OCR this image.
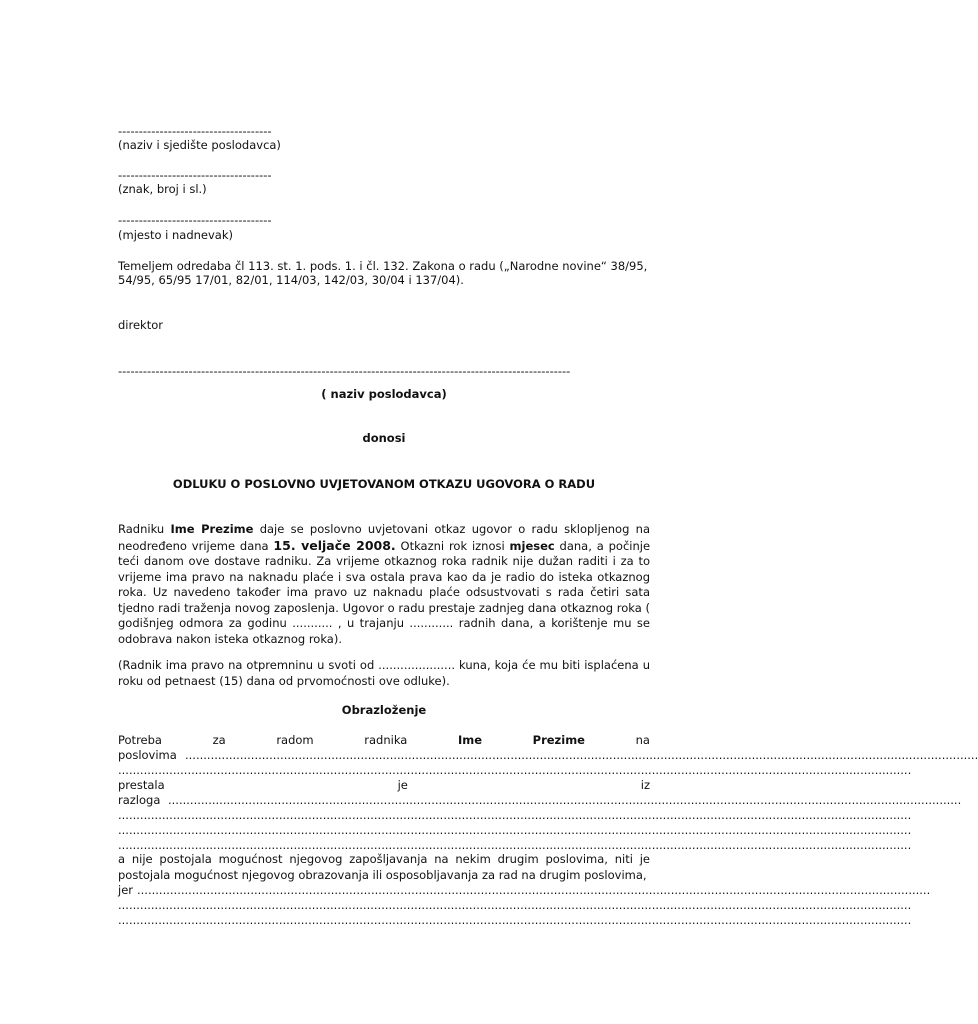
-------------------------------------
(naziv i sjedište poslodavca)
-------------------------------------
(znak, broj i sl.)
-------------------------------------
(mjesto i nadnevak)
Temeljem odredaba čl 113. st. 1. pods. 1. i čl. 132. Zakona o radu („Narodne novine“ 38/95,
54/95, 65/95 17/01, 82/01, 114/03, 142/03, 30/04 i 137/04).
direktor
-------------------------------------------------------------------------------------------------------------
( naziv poslodavca)
donosi
ODLUKU O POSLOVNO UVJETOVANOM OTKAZU UGOVORA O RADU
Radniku Ime Prezime daje se poslovno uvjetovani otkaz ugovor o radu sklopljenog na neodređeno vrijeme dana 15. veljače 2008. Otkazni rok iznosi mjesec dana, a počinje teći danom ove dostave radniku. Za vrijeme otkaznog roka radnik nije dužan raditi i za to vrijeme ima pravo na naknadu plaće i sva ostala prava kao da je radio do isteka otkaznog roka. Uz navedeno također ima pravo uz naknadu plaće odsustvovati s rada četiri sata tjedno radi traženja novog zaposlenja. Ugovor o radu prestaje zadnjeg dana otkaznog roka ( godišnjeg odmora za godinu ........... , u trajanju ............ radnih dana, a korištenje mu se odobrava nakon isteka otkaznog roka).
(Radnik ima pravo na otpremninu u svoti od ..................... kuna, koja će mu biti isplaćena u roku od petnaest (15) dana od prvomoćnosti ove odluke).
Obrazloženje
Potreba	za	radom	radnika	Ime	Prezime	na
poslovima .........................................................................................................................................................................................................................
.........................................................................................................................................................................................................................
prestala	je	iz
razloga .........................................................................................................................................................................................................................
.........................................................................................................................................................................................................................
.........................................................................................................................................................................................................................
.........................................................................................................................................................................................................................
a nije postojala mogućnost njegovog zapošljavanja na nekim drugim poslovima, niti je postojala mogućnost njegovog obrazovanja ili osposobljavanja za rad na drugim poslovima,
jer .........................................................................................................................................................................................................................
.........................................................................................................................................................................................................................
.........................................................................................................................................................................................................................
